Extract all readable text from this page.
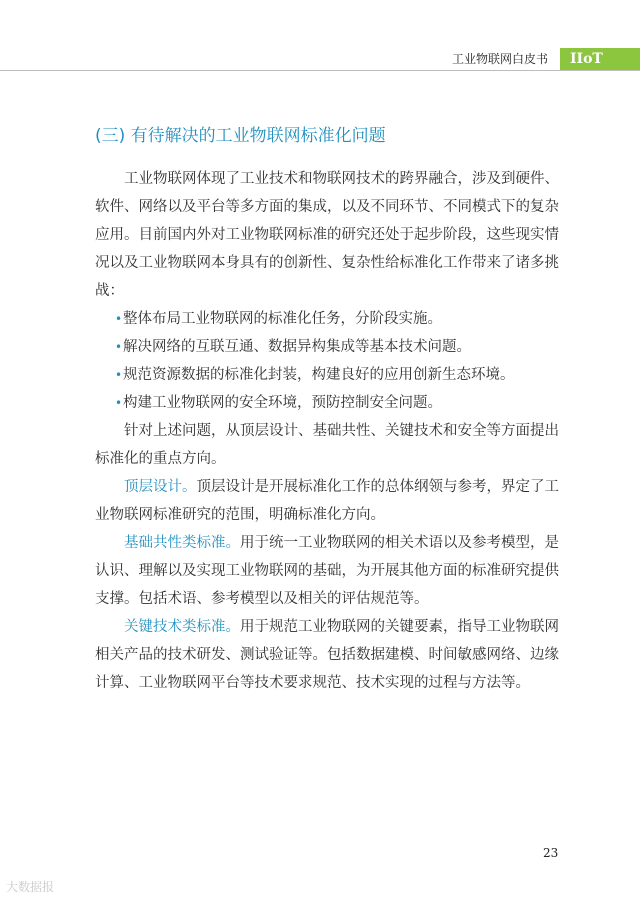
工业物联网白皮书	IIoT
(三) 有待解决的工业物联网标准化问题

工业物联网体现了工业技术和物联网技术的跨界融合，涉及到硬件、软件、网络以及平台等多方面的集成，以及不同环节、不同模式下的复杂应用。目前国内外对工业物联网标准的研究还处于起步阶段，这些现实情况以及工业物联网本身具有的创新性、复杂性给标准化工作带来了诸多挑战：

• 整体布局工业物联网的标准化任务，分阶段实施。

• 解决网络的互联互通、数据异构集成等基本技术问题。

• 规范资源数据的标准化封装，构建良好的应用创新生态环境。

• 构建工业物联网的安全环境，预防控制安全问题。

针对上述问题，从顶层设计、基础共性、关键技术和安全等方面提出标准化的重点方向。

顶层设计。顶层设计是开展标准化工作的总体纲领与参考，界定了工业物联网标准研究的范围，明确标准化方向。

基础共性类标准。用于统一工业物联网的相关术语以及参考模型，是认识、理解以及实现工业物联网的基础，为开展其他方面的标准研究提供支撑。包括术语、参考模型以及相关的评估规范等。

关键技术类标准。用于规范工业物联网的关键要素，指导工业物联网相关产品的技术研发、测试验证等。包括数据建模、时间敏感网络、边缘计算、工业物联网平台等技术要求规范、技术实现的过程与方法等。

23
大数据报
